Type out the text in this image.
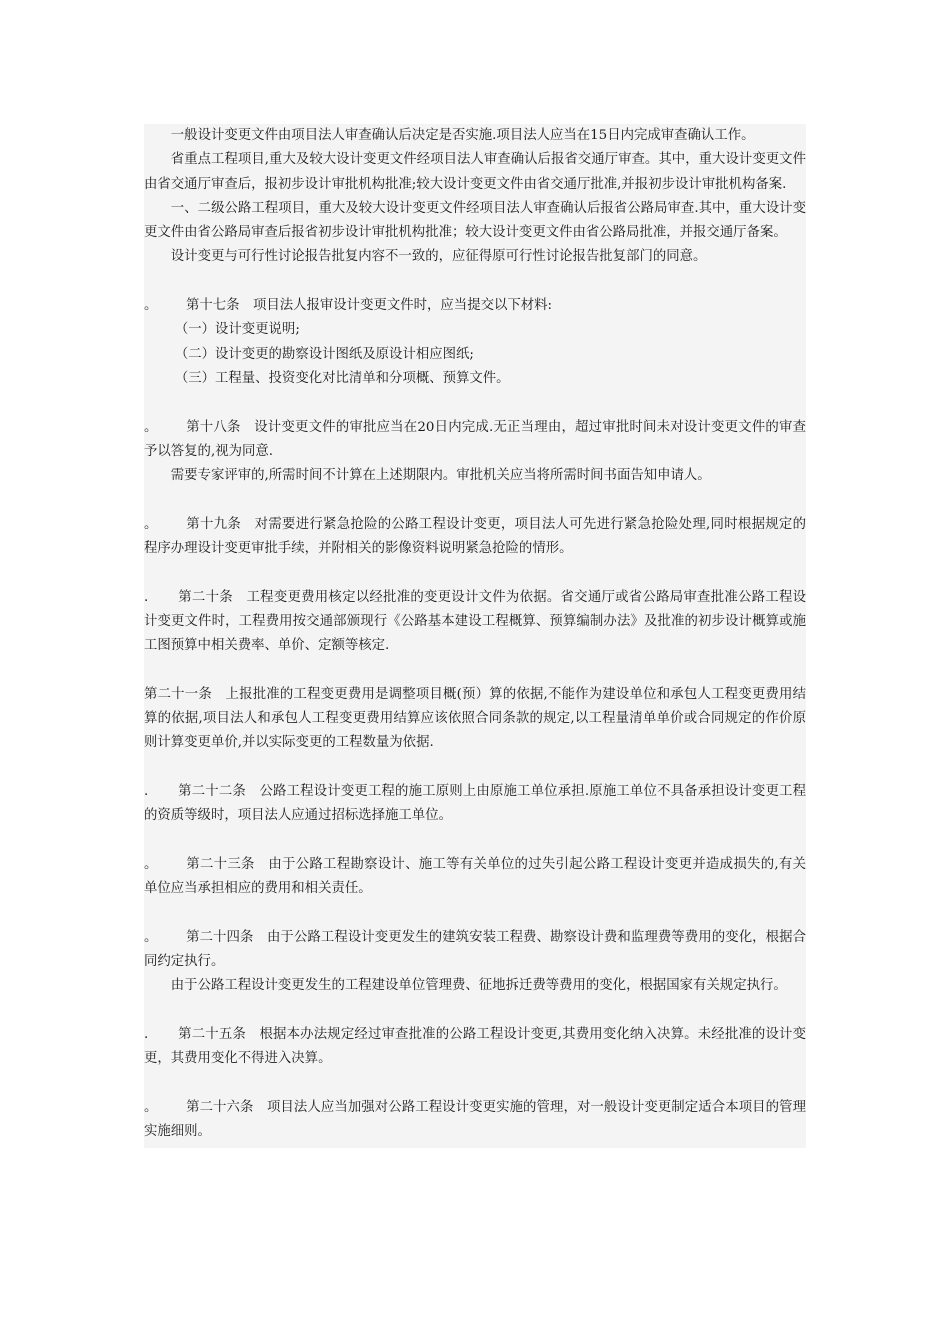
一般设计变更文件由项目法人审查确认后决定是否实施.项目法人应当在15日内完成审查确认工作。

省重点工程项目,重大及较大设计变更文件经项目法人审查确认后报省交通厅审查。其中，重大设计变更文件由省交通厅审查后，报初步设计审批机构批准;较大设计变更文件由省交通厅批准,并报初步设计审批机构备案.

一、二级公路工程项目，重大及较大设计变更文件经项目法人审查确认后报省公路局审查.其中，重大设计变更文件由省公路局审查后报省初步设计审批机构批准；较大设计变更文件由省公路局批准，并报交通厅备案。

设计变更与可行性讨论报告批复内容不一致的，应征得原可行性讨论报告批复部门的同意。

。 第十七条　项目法人报审设计变更文件时，应当提交以下材料:

（一）设计变更说明;

（二）设计变更的勘察设计图纸及原设计相应图纸;

（三）工程量、投资变化对比清单和分项概、预算文件。

。 第十八条　设计变更文件的审批应当在20日内完成.无正当理由，超过审批时间未对设计变更文件的审查予以答复的,视为同意.

需要专家评审的,所需时间不计算在上述期限内。审批机关应当将所需时间书面告知申请人。

。 第十九条　对需要进行紧急抢险的公路工程设计变更，项目法人可先进行紧急抢险处理,同时根据规定的程序办理设计变更审批手续，并附相关的影像资料说明紧急抢险的情形。

. 第二十条　工程变更费用核定以经批准的变更设计文件为依据。省交通厅或省公路局审查批准公路工程设计变更文件时，工程费用按交通部颁现行《公路基本建设工程概算、预算编制办法》及批准的初步设计概算或施工图预算中相关费率、单价、定额等核定.

第二十一条　上报批准的工程变更费用是调整项目概(预）算的依据,不能作为建设单位和承包人工程变更费用结算的依据,项目法人和承包人工程变更费用结算应该依照合同条款的规定,以工程量清单单价或合同规定的作价原则计算变更单价,并以实际变更的工程数量为依据.

. 第二十二条　公路工程设计变更工程的施工原则上由原施工单位承担.原施工单位不具备承担设计变更工程的资质等级时，项目法人应通过招标选择施工单位。

。 第二十三条　由于公路工程勘察设计、施工等有关单位的过失引起公路工程设计变更并造成损失的,有关单位应当承担相应的费用和相关责任。

。 第二十四条　由于公路工程设计变更发生的建筑安装工程费、勘察设计费和监理费等费用的变化，根据合同约定执行。

由于公路工程设计变更发生的工程建设单位管理费、征地拆迁费等费用的变化，根据国家有关规定执行。

. 第二十五条　根据本办法规定经过审查批准的公路工程设计变更,其费用变化纳入决算。未经批准的设计变更，其费用变化不得进入决算。

。 第二十六条　项目法人应当加强对公路工程设计变更实施的管理，对一般设计变更制定适合本项目的管理实施细则。
